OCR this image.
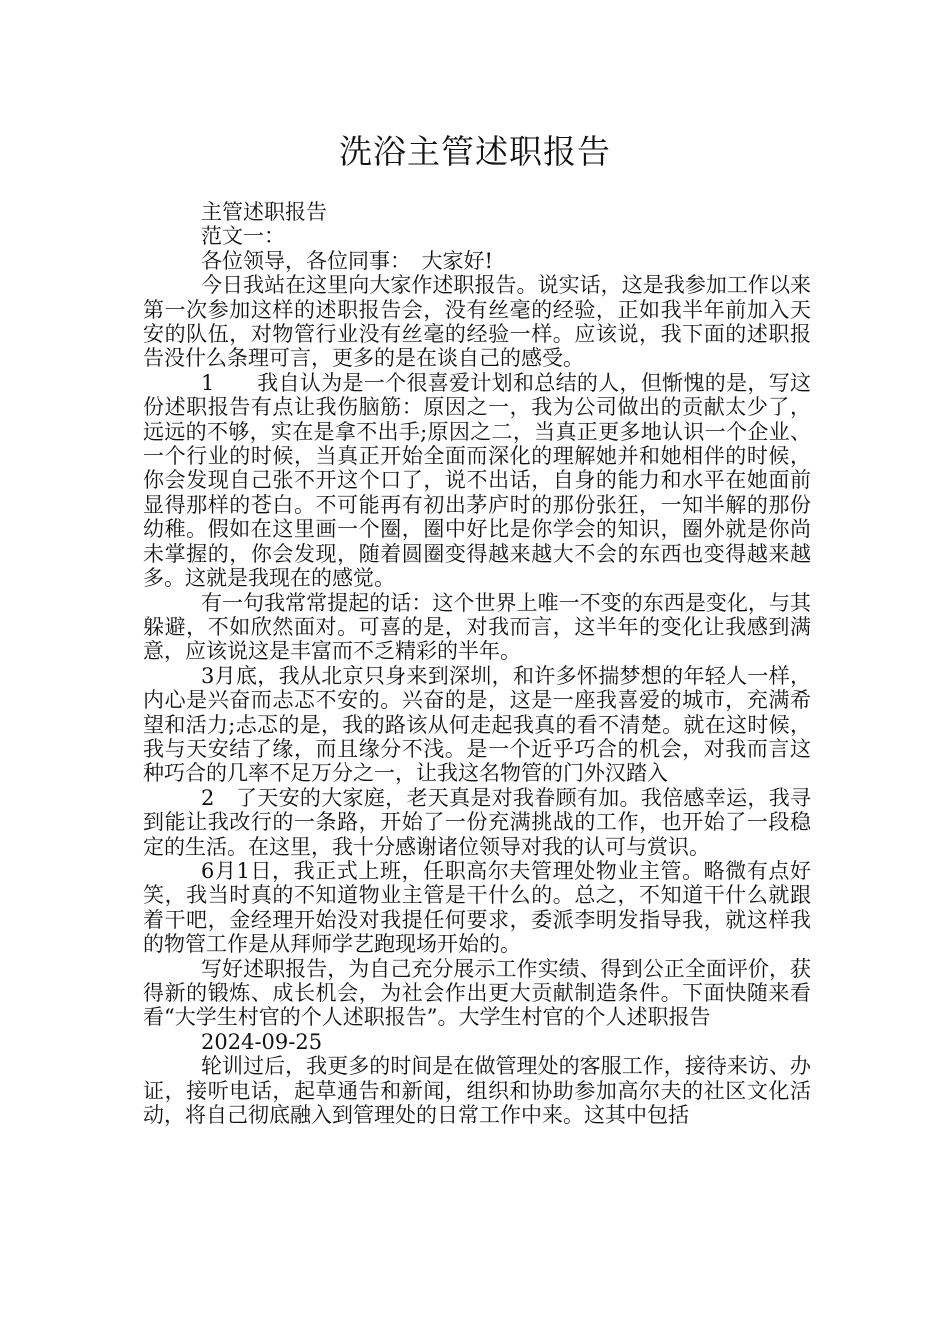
洗浴主管述职报告

主管述职报告

范文一：

各位领导，各位同事：　大家好!

今日我站在这里向大家作述职报告。说实话，这是我参加工作以来第一次参加这样的述职报告会，没有丝毫的经验，正如我半年前加入天安的队伍，对物管行业没有丝毫的经验一样。应该说，我下面的述职报告没什么条理可言，更多的是在谈自己的感受。

1　　我自认为是一个很喜爱计划和总结的人，但惭愧的是，写这份述职报告有点让我伤脑筋：原因之一，我为公司做出的贡献太少了，远远的不够，实在是拿不出手;原因之二，当真正更多地认识一个企业、一个行业的时候，当真正开始全面而深化的理解她并和她相伴的时候，你会发现自己张不开这个口了，说不出话，自身的能力和水平在她面前显得那样的苍白。不可能再有初出茅庐时的那份张狂，一知半解的那份幼稚。假如在这里画一个圈，圈中好比是你学会的知识，圈外就是你尚未掌握的，你会发现，随着圆圈变得越来越大不会的东西也变得越来越多。这就是我现在的感觉。

有一句我常常提起的话：这个世界上唯一不变的东西是变化，与其躲避，不如欣然面对。可喜的是，对我而言，这半年的变化让我感到满意，应该说这是丰富而不乏精彩的半年。

3月底，我从北京只身来到深圳，和许多怀揣梦想的年轻人一样，内心是兴奋而忐忑不安的。兴奋的是，这是一座我喜爱的城市，充满希望和活力;忐忑的是，我的路该从何走起我真的看不清楚。就在这时候，我与天安结了缘，而且缘分不浅。是一个近乎巧合的机会，对我而言这种巧合的几率不足万分之一，让我这名物管的门外汉踏入

2　了天安的大家庭，老天真是对我眷顾有加。我倍感幸运，我寻到能让我改行的一条路，开始了一份充满挑战的工作，也开始了一段稳定的生活。在这里，我十分感谢诸位领导对我的认可与赏识。

6月1日，我正式上班，任职高尔夫管理处物业主管。略微有点好笑，我当时真的不知道物业主管是干什么的。总之，不知道干什么就跟着干吧，金经理开始没对我提任何要求，委派李明发指导我，就这样我的物管工作是从拜师学艺跑现场开始的。

写好述职报告，为自己充分展示工作实绩、得到公正全面评价，获得新的锻炼、成长机会，为社会作出更大贡献制造条件。下面快随来看看“大学生村官的个人述职报告”。大学生村官的个人述职报告

2024-09-25

轮训过后，我更多的时间是在做管理处的客服工作，接待来访、办证，接听电话，起草通告和新闻，组织和协助参加高尔夫的社区文化活动，将自己彻底融入到管理处的日常工作中来。这其中包括
